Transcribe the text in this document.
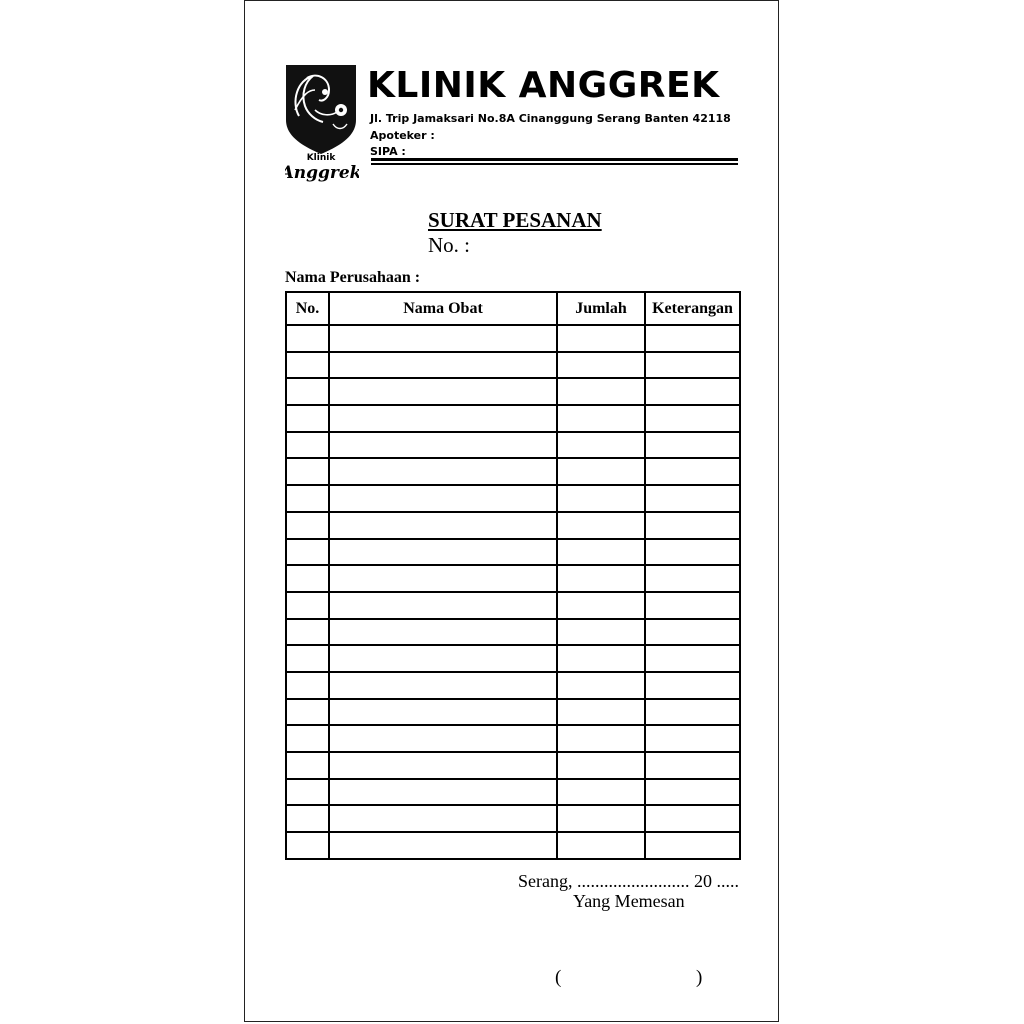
Klinik
Anggrek
KLINIK ANGGREK
Jl. Trip Jamaksari No.8A Cinanggung Serang Banten 42118
Apoteker :
SIPA :
SURAT PESANAN
No. :
Nama Perusahaan :
No.	Nama Obat	Jumlah	Keterangan

Serang, ......................... 20 .....
Yang Memesan
(	)
